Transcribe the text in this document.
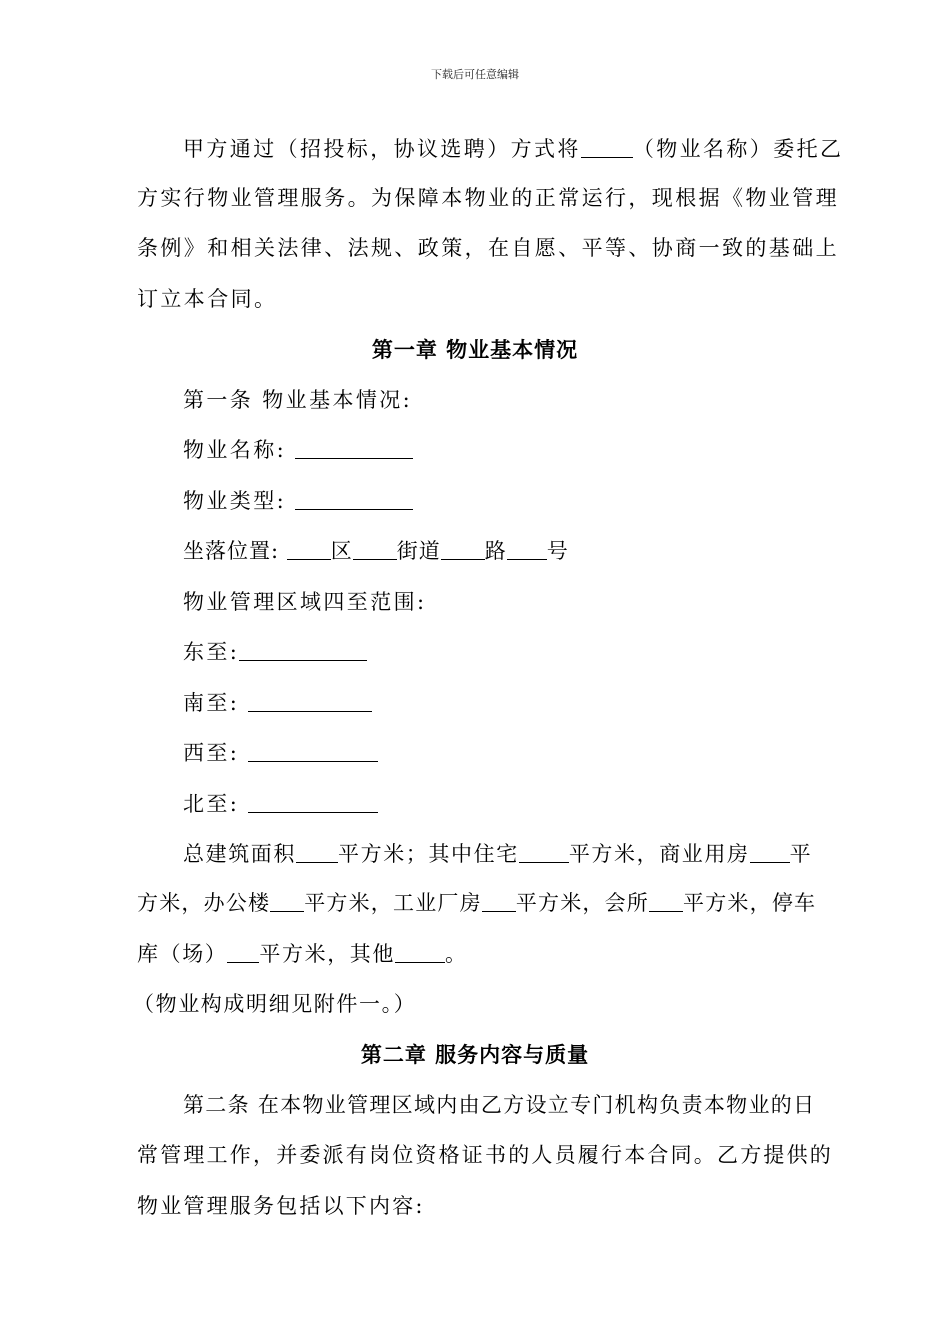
下载后可任意编辑
甲方通过（招投标，协议选聘）方式将 （物业名称）委托乙
方实行物业管理服务。为保障本物业的正常运行，现根据《物业管理
条例》和相关法律、法规、政策，在自愿、平等、协商一致的基础上
订立本合同。
第一章 物业基本情况
第一条 物业基本情况:
物业名称:
物业类型:
坐落位置: 区 街道 路 号
物业管理区域四至范围:
东至:
南至:
西至:
北至:
总建筑面积 平方米；其中住宅 平方米，商业用房 平
方米，办公楼 平方米，工业厂房 平方米，会所 平方米，停车
库（场） 平方米，其他 。
（物业构成明细见附件一。）
第二章 服务内容与质量
第二条 在本物业管理区域内由乙方设立专门机构负责本物业的日
常管理工作，并委派有岗位资格证书的人员履行本合同。乙方提供的
物业管理服务包括以下内容:
